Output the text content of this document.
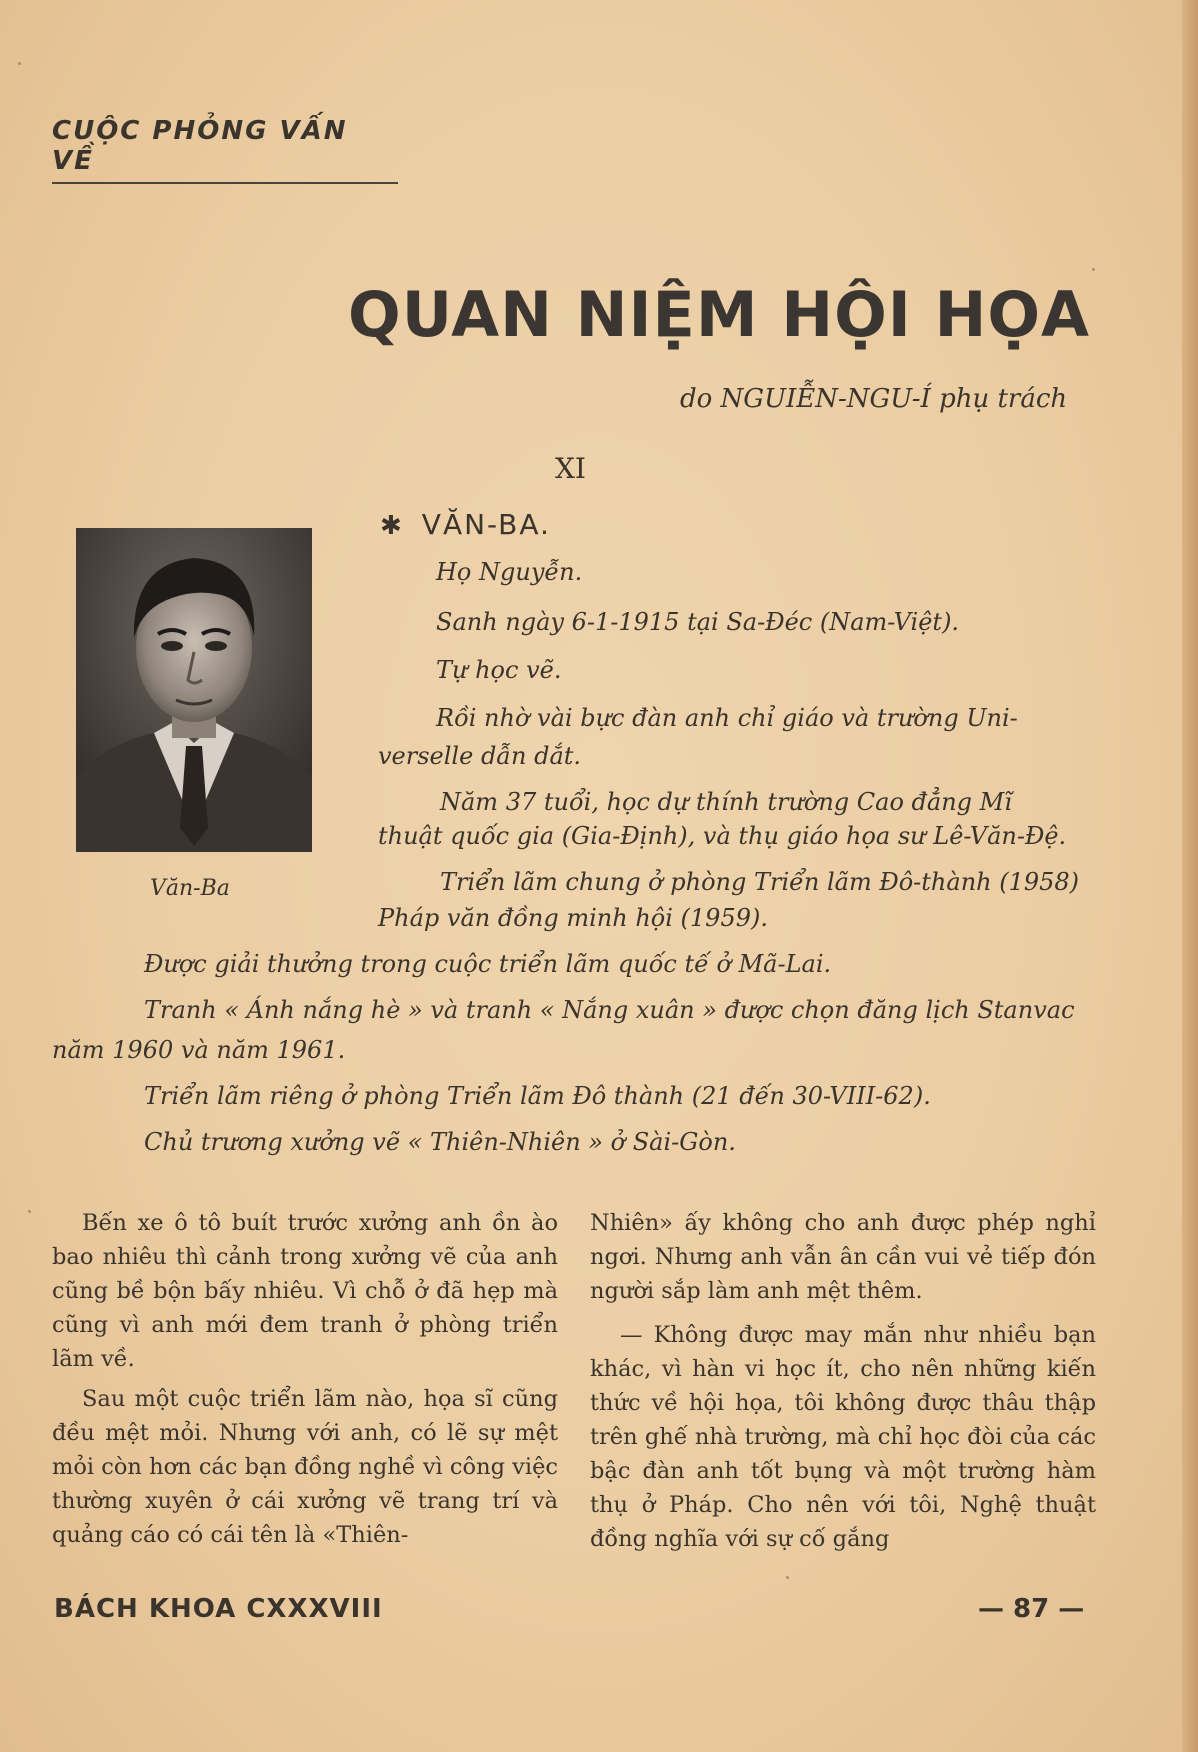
CUỘC PHỎNG VẤN VỀ
QUAN NIỆM HỘI HỌA
do NGUIỄN-NGU-Í phụ trách
XI
Văn-Ba
✱ VĂN-BA.
Họ Nguyễn.
Sanh ngày 6-1-1915 tại Sa-Đéc (Nam-Việt).
Tự học vẽ.
Rồi nhờ vài bực đàn anh chỉ giáo và trường Uni-
verselle dẫn dắt.
Năm 37 tuổi, học dự thính trường Cao đẳng Mĩ
thuật quốc gia (Gia-Định), và thụ giáo họa sư Lê-Văn-Đệ.
Triển lãm chung ở phòng Triển lãm Đô-thành (1958)
Pháp văn đồng minh hội (1959).
Được giải thưởng trong cuộc triển lãm quốc tế ở Mã-Lai.
Tranh « Ánh nắng hè » và tranh « Nắng xuân » được chọn đăng lịch Stanvac
năm 1960 và năm 1961.
Triển lãm riêng ở phòng Triển lãm Đô thành (21 đến 30-VIII-62).
Chủ trương xưởng vẽ « Thiên-Nhiên » ở Sài-Gòn.

Bến xe ô tô buít trước xưởng anh ồn ào bao nhiêu thì cảnh trong xưởng vẽ của anh cũng bề bộn bấy nhiêu. Vì chỗ ở đã hẹp mà cũng vì anh mới đem tranh ở phòng triển lãm về.

Sau một cuộc triển lãm nào, họa sĩ cũng đều mệt mỏi. Nhưng với anh, có lẽ sự mệt mỏi còn hơn các bạn đồng nghề vì công việc thường xuyên ở cái xưởng vẽ trang trí và quảng cáo có cái tên là «Thiên-

Nhiên» ấy không cho anh được phép nghỉ ngơi. Nhưng anh vẫn ân cần vui vẻ tiếp đón người sắp làm anh mệt thêm.

— Không được may mắn như nhiều bạn khác, vì hàn vi học ít, cho nên những kiến thức về hội họa, tôi không được thâu thập trên ghế nhà trường, mà chỉ học đòi của các bậc đàn anh tốt bụng và một trường hàm thụ ở Pháp. Cho nên với tôi, Nghệ thuật đồng nghĩa với sự cố gắng

BÁCH KHOA CXXXVIII	— 87 —
